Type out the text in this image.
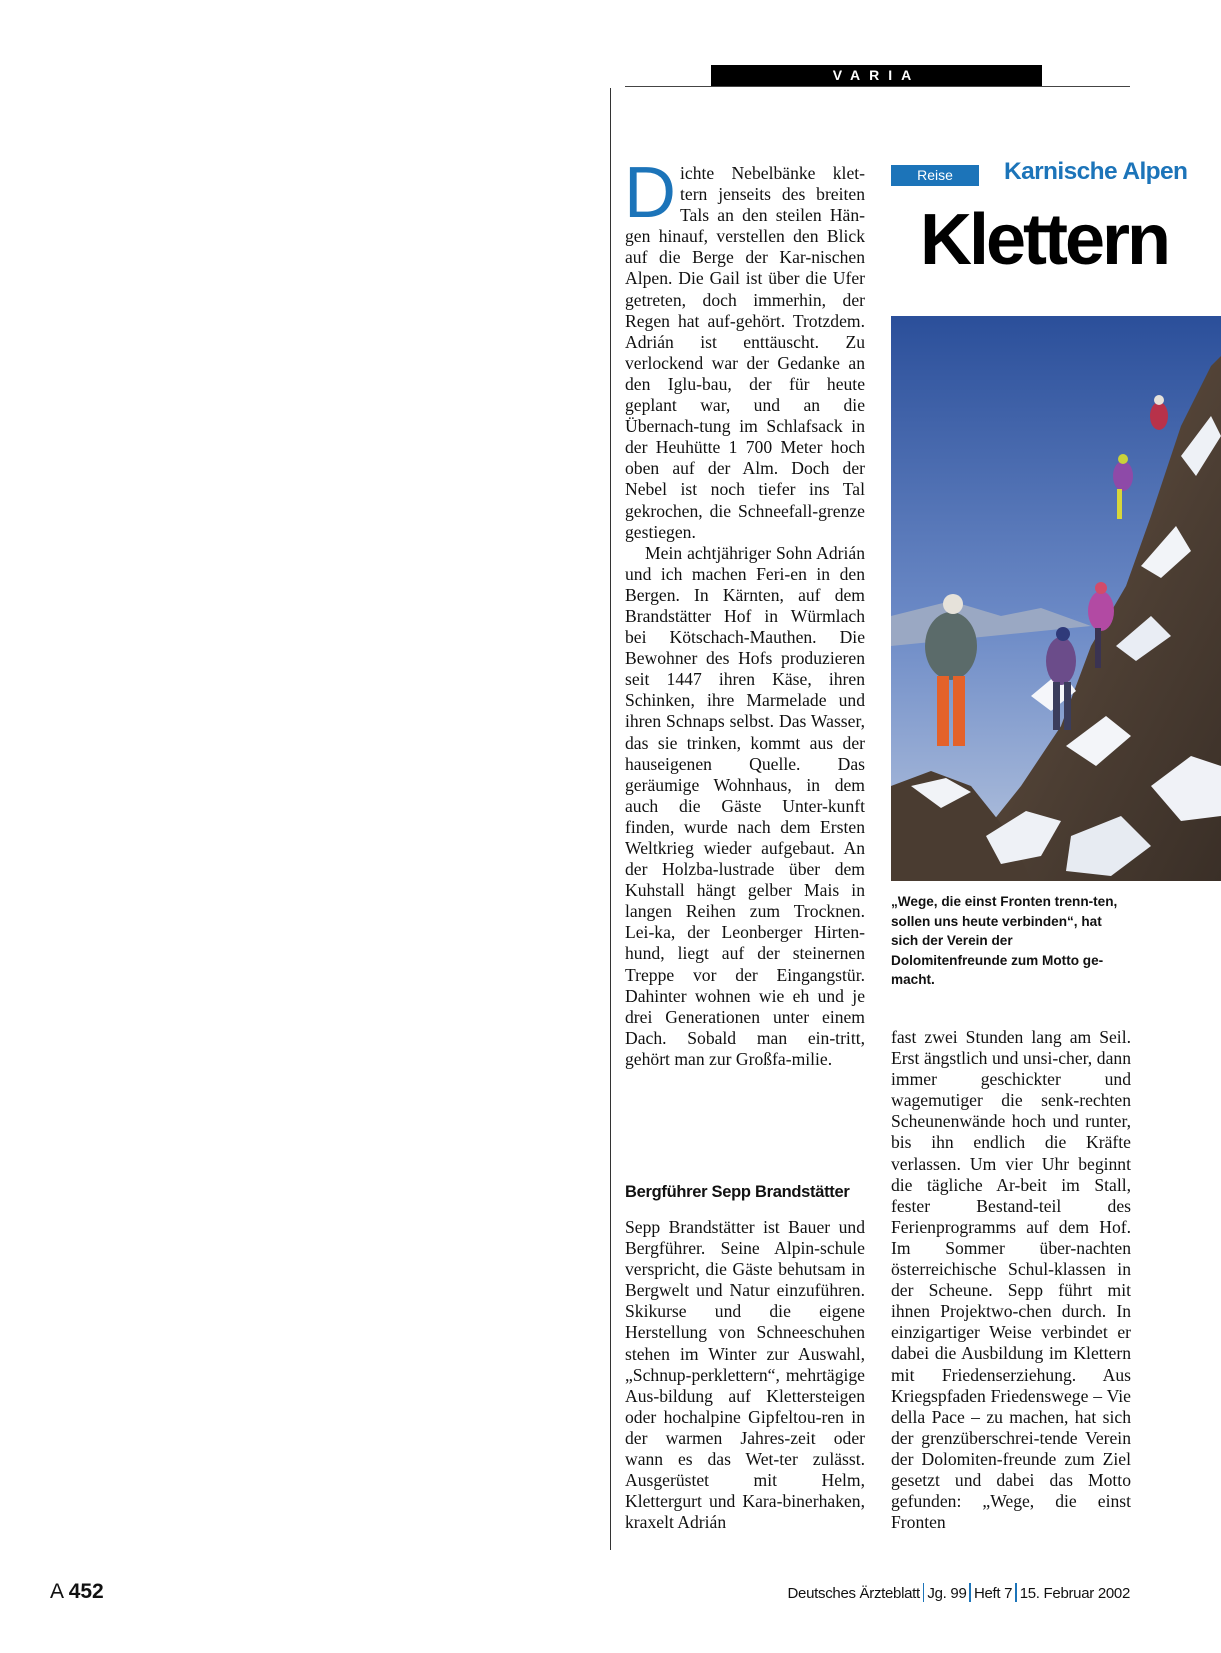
VARIA

Dichte Nebelbänke klet-tern jenseits des breiten Tals an den steilen Hän-gen hinauf, verstellen den Blick auf die Berge der Kar-nischen Alpen. Die Gail ist über die Ufer getreten, doch immerhin, der Regen hat auf-gehört. Trotzdem. Adrián ist enttäuscht. Zu verlockend war der Gedanke an den Iglu-bau, der für heute geplant war, und an die Übernach-tung im Schlafsack in der Heuhütte 1 700 Meter hoch oben auf der Alm. Doch der Nebel ist noch tiefer ins Tal gekrochen, die Schneefall-grenze gestiegen.

Mein achtjähriger Sohn Adrián und ich machen Feri-en in den Bergen. In Kärnten, auf dem Brandstätter Hof in Würmlach bei Kötschach-Mauthen. Die Bewohner des Hofs produzieren seit 1447 ihren Käse, ihren Schinken, ihre Marmelade und ihren Schnaps selbst. Das Wasser, das sie trinken, kommt aus der hauseigenen Quelle. Das geräumige Wohnhaus, in dem auch die Gäste Unter-kunft finden, wurde nach dem Ersten Weltkrieg wieder aufgebaut. An der Holzba-lustrade über dem Kuhstall hängt gelber Mais in langen Reihen zum Trocknen. Lei-ka, der Leonberger Hirten-hund, liegt auf der steinernen Treppe vor der Eingangstür. Dahinter wohnen wie eh und je drei Generationen unter einem Dach. Sobald man ein-tritt, gehört man zur Großfa-milie.

Bergführer Sepp Brandstätter

Sepp Brandstätter ist Bauer und Bergführer. Seine Alpin-schule verspricht, die Gäste behutsam in Bergwelt und Natur einzuführen. Skikurse und die eigene Herstellung von Schneeschuhen stehen im Winter zur Auswahl, „Schnup-perklettern“, mehrtägige Aus-bildung auf Klettersteigen oder hochalpine Gipfeltou-ren in der warmen Jahres-zeit oder wann es das Wet-ter zulässt. Ausgerüstet mit Helm, Klettergurt und Kara-binerhaken, kraxelt Adrián

Reise	Karnische Alpen
Klettern
„Wege, die einst Fronten trenn-ten, sollen uns heute verbinden“, hat sich der Verein der Dolomitenfreunde zum Motto ge-macht.

fast zwei Stunden lang am Seil. Erst ängstlich und unsi-cher, dann immer geschickter und wagemutiger die senk-rechten Scheunenwände hoch und runter, bis ihn endlich die Kräfte verlassen. Um vier Uhr beginnt die tägliche Ar-beit im Stall, fester Bestand-teil des Ferienprogramms auf dem Hof. Im Sommer über-nachten österreichische Schul-klassen in der Scheune. Sepp führt mit ihnen Projektwo-chen durch. In einzigartiger Weise verbindet er dabei die Ausbildung im Klettern mit Friedenserziehung. Aus Kriegspfaden Friedenswege – Vie della Pace – zu machen, hat sich der grenzüberschrei-tende Verein der Dolomiten-freunde zum Ziel gesetzt und dabei das Motto gefunden: „Wege, die einst Fronten

A 452	Deutsches Ärzteblatt Jg. 99 Heft 7 15. Februar 2002
